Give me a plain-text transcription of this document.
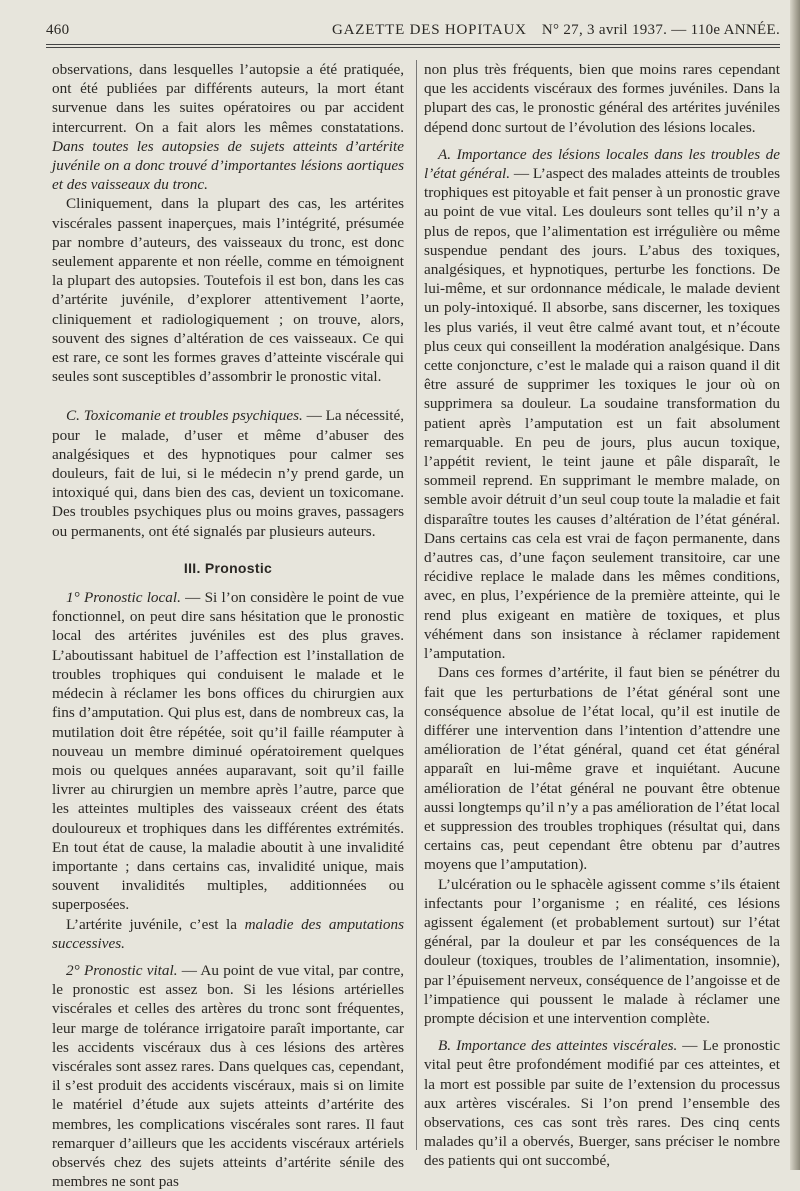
460	GAZETTE DES HOPITAUX N° 27, 3 avril 1937. — 110e ANNÉE.

observations, dans lesquelles l’autopsie a été pratiquée, ont été publiées par différents auteurs, la mort étant survenue dans les suites opératoires ou par accident intercurrent. On a fait alors les mêmes constatations. Dans toutes les autopsies de sujets atteints d’artérite juvénile on a donc trouvé d’importantes lésions aortiques et des vaisseaux du tronc.

Cliniquement, dans la plupart des cas, les artérites viscérales passent inaperçues, mais l’intégrité, présumée par nombre d’auteurs, des vaisseaux du tronc, est donc seulement apparente et non réelle, comme en témoignent la plupart des autopsies. Toutefois il est bon, dans les cas d’artérite juvénile, d’explorer attentivement l’aorte, cliniquement et radiologiquement ; on trouve, alors, souvent des signes d’altération de ces vaisseaux. Ce qui est rare, ce sont les formes graves d’atteinte viscérale qui seules sont susceptibles d’assombrir le pronostic vital.

C. Toxicomanie et troubles psychiques. — La nécessité, pour le malade, d’user et même d’abuser des analgésiques et des hypnotiques pour calmer ses douleurs, fait de lui, si le médecin n’y prend garde, un intoxiqué qui, dans bien des cas, devient un toxicomane. Des troubles psychiques plus ou moins graves, passagers ou permanents, ont été signalés par plusieurs auteurs.

III. Pronostic

1° Pronostic local. — Si l’on considère le point de vue fonctionnel, on peut dire sans hésitation que le pronostic local des artérites juvéniles est des plus graves. L’aboutissant habituel de l’affection est l’installation de troubles trophiques qui conduisent le malade et le médecin à réclamer les bons offices du chirurgien aux fins d’amputation. Qui plus est, dans de nombreux cas, la mutilation doit être répétée, soit qu’il faille réamputer à nouveau un membre diminué opératoirement quelques mois ou quelques années auparavant, soit qu’il faille livrer au chirurgien un membre après l’autre, parce que les atteintes multiples des vaisseaux créent des états douloureux et trophiques dans les différentes extrémités. En tout état de cause, la maladie aboutit à une invalidité importante ; dans certains cas, invalidité unique, mais souvent invalidités multiples, additionnées ou superposées.

L’artérite juvénile, c’est la maladie des amputations successives.

2° Pronostic vital. — Au point de vue vital, par contre, le pronostic est assez bon. Si les lésions artérielles viscérales et celles des artères du tronc sont fréquentes, leur marge de tolérance irrigatoire paraît importante, car les accidents viscéraux dus à ces lésions des artères viscérales sont assez rares. Dans quelques cas, cependant, il s’est produit des accidents viscéraux, mais si on limite le matériel d’étude aux sujets atteints d’artérite des membres, les complications viscérales sont rares. Il faut remarquer d’ailleurs que les accidents viscéraux artériels observés chez des sujets atteints d’artérite sénile des membres ne sont pas

non plus très fréquents, bien que moins rares cependant que les accidents viscéraux des formes juvéniles. Dans la plupart des cas, le pronostic général des artérites juvéniles dépend donc surtout de l’évolution des lésions locales.

A. Importance des lésions locales dans les troubles de l’état général. — L’aspect des malades atteints de troubles trophiques est pitoyable et fait penser à un pronostic grave au point de vue vital. Les douleurs sont telles qu’il n’y a plus de repos, que l’alimentation est irrégulière ou même suspendue pendant des jours. L’abus des toxiques, analgésiques, et hypnotiques, perturbe les fonctions. De lui-même, et sur ordonnance médicale, le malade devient un poly-intoxiqué. Il absorbe, sans discerner, les toxiques les plus variés, il veut être calmé avant tout, et n’écoute plus ceux qui conseillent la modération analgésique. Dans cette conjoncture, c’est le malade qui a raison quand il dit être assuré de supprimer les toxiques le jour où on supprimera sa douleur. La soudaine transformation du patient après l’amputation est un fait absolument remarquable. En peu de jours, plus aucun toxique, l’appétit revient, le teint jaune et pâle disparaît, le sommeil reprend. En supprimant le membre malade, on semble avoir détruit d’un seul coup toute la maladie et fait disparaître toutes les causes d’altération de l’état général. Dans certains cas cela est vrai de façon permanente, dans d’autres cas, d’une façon seulement transitoire, car une récidive replace le malade dans les mêmes conditions, avec, en plus, l’expérience de la première atteinte, qui le rend plus exigeant en matière de toxiques, et plus véhément dans son insistance à réclamer rapidement l’amputation.

Dans ces formes d’artérite, il faut bien se pénétrer du fait que les perturbations de l’état général sont une conséquence absolue de l’état local, qu’il est inutile de différer une intervention dans l’intention d’attendre une amélioration de l’état général, quand cet état général apparaît en lui-même grave et inquiétant. Aucune amélioration de l’état général ne pouvant être obtenue aussi longtemps qu’il n’y a pas amélioration de l’état local et suppression des troubles trophiques (résultat qui, dans certains cas, peut cependant être obtenu par d’autres moyens que l’amputation).

L’ulcération ou le sphacèle agissent comme s’ils étaient infectants pour l’organisme ; en réalité, ces lésions agissent également (et probablement surtout) sur l’état général, par la douleur et par les conséquences de la douleur (toxiques, troubles de l’alimentation, insomnie), par l’épuisement nerveux, conséquence de l’angoisse et de l’impatience qui poussent le malade à réclamer une prompte décision et une intervention complète.

B. Importance des atteintes viscérales. — Le pronostic vital peut être profondément modifié par ces atteintes, et la mort est possible par suite de l’extension du processus aux artères viscérales. Si l’on prend l’ensemble des observations, ces cas sont très rares. Des cinq cents malades qu’il a obervés, Buerger, sans préciser le nombre des patients qui ont succombé,
